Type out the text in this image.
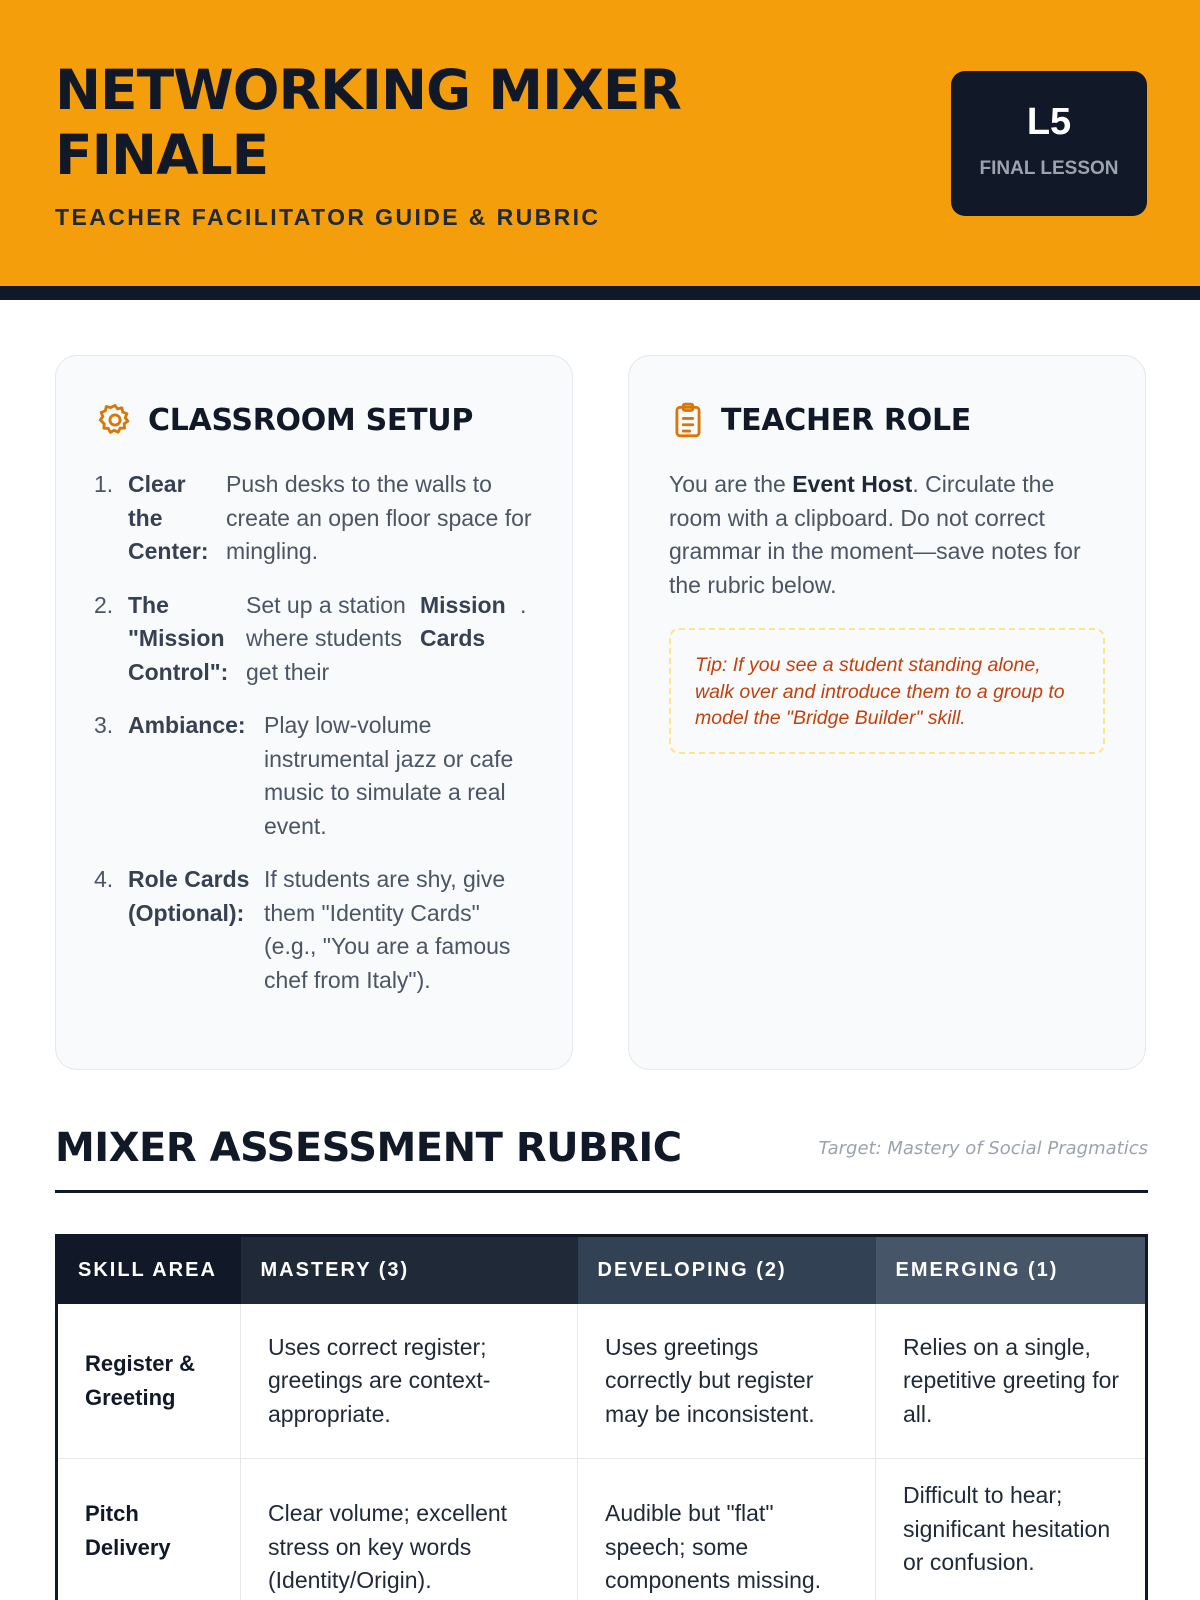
NETWORKING MIXER
FINALE
TEACHER FACILITATOR GUIDE & RUBRIC
L5
FINAL LESSON
CLASSROOM SETUP
1. Clear the Center:
Push desks to the walls to create an open floor space for mingling.
2. The "Mission Control":
Set up a station where students get their
Mission Cards
.
3. Ambiance: Play low-volume instrumental jazz or cafe music to simulate a real event.
4. Role Cards (Optional):
If students are shy, give them "Identity Cards" (e.g., "You are a famous chef from Italy").
TEACHER ROLE

You are the Event Host. Circulate the room with a clipboard. Do not correct grammar in the moment—save notes for the rubric below.

Tip: If you see a student standing alone, walk over and introduce them to a group to model the "Bridge Builder" skill.
MIXER ASSESSMENT RUBRIC	Target: Mastery of Social Pragmatics
SKILL AREA	MASTERY (3)	DEVELOPING (2)	EMERGING (1)
Register & Greeting	Uses correct register; greetings are context-appropriate.	Uses greetings correctly but register may be inconsistent.	Relies on a single, repetitive greeting for all.
Pitch Delivery	Clear volume; excellent stress on key words (Identity/Origin).	Audible but "flat" speech; some components missing.	Difficult to hear; significant hesitation or confusion.
